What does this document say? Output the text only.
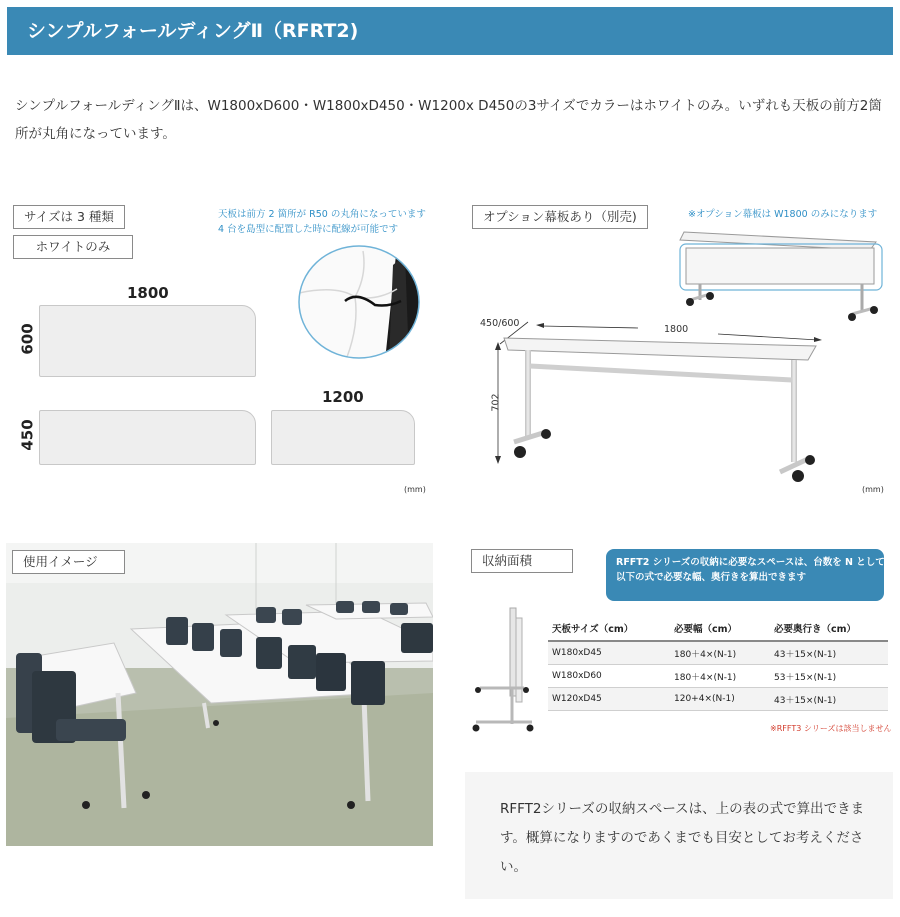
シンプルフォールディングⅡ（RFRT2)
シンプルフォールディングⅡは、W1800xD600・W1800xD450・W1200x D450の3サイズでカラーはホワイトのみ。いずれも天板の前方2箇所が丸角になっています。
サイズは 3 種類
ホワイトのみ
天板は前方 2 箇所が R50 の丸角になっています
4 台を島型に配置した時に配線が可能です
1800
1200
600
450
(mm)
オプション幕板あり（別売)	※オプション幕板は W1800 のみになります
450/600
1800
702
(mm)
使用イメージ	収納面積	RFFT2 シリーズの収納に必要なスペースは、台数を N として
以下の式で必要な幅、奥行きを算出できます
天板サイズ（cm）	必要幅（cm）	必要奥行き（cm）
W180xD45	180＋4×(N-1)	43＋15×(N-1)
W180xD60	180＋4×(N-1)	53＋15×(N-1)
W120xD45	120+4×(N-1)	43＋15×(N-1)
※RFFT3 シリーズは該当しません
RFFT2シリーズの収納スペースは、上の表の式で算出できます。概算になりますのであくまでも目安としてお考えください。
